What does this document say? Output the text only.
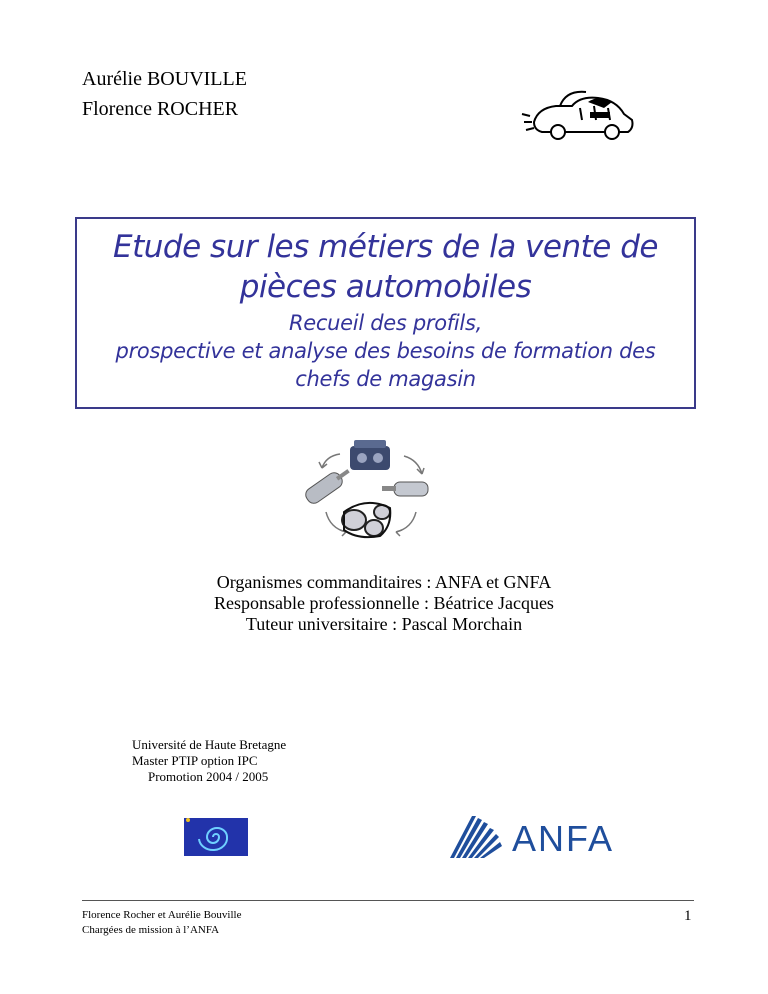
Aurélie BOUVILLE
Florence ROCHER
Etude sur les métiers de la vente de
pièces automobiles
Recueil des profils,
prospective et analyse des besoins de formation des
chefs de magasin
Organismes commanditaires : ANFA et GNFA
Responsable professionnelle : Béatrice Jacques
Tuteur universitaire : Pascal Morchain
Université de Haute Bretagne
Master PTIP option IPC
Promotion 2004 / 2005
ANFA
Florence Rocher et Aurélie Bouville
Chargées de mission à l’ANFA
1
